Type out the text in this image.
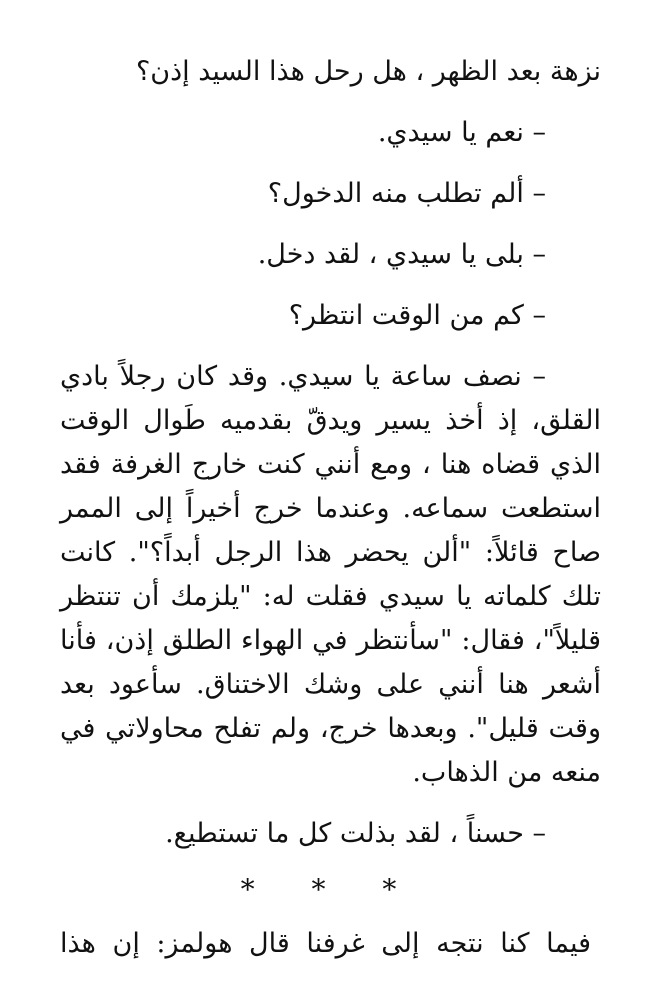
نزهة بعد الظهر ، هل رحل هذا السيد إذن؟
– نعم يا سيدي.
– ألم تطلب منه الدخول؟
– بلى يا سيدي ، لقد دخل.
– كم من الوقت انتظر؟
– نصف ساعة يا سيدي. وقد كان رجلاً بادي
القلق، إذ أخذ يسير ويدقّ بقدميه طَوال الوقت
الذي قضاه هنا ، ومع أنني كنت خارج الغرفة فقد
استطعت سماعه. وعندما خرج أخيراً إلى الممر
صاح قائلاً: "ألن يحضر هذا الرجل أبداً؟". كانت
تلك كلماته يا سيدي فقلت له: "يلزمك أن تنتظر
قليلاً"، فقال: "سأنتظر في الهواء الطلق إذن، فأنا
أشعر هنا أنني على وشك الاختناق. سأعود بعد
وقت قليل". وبعدها خرج، ولم تفلح محاولاتي في
منعه من الذهاب.
– حسناً ، لقد بذلت كل ما تستطيع.
* * *
فيما كنا نتجه إلى غرفنا قال هولمز: إن هذا
